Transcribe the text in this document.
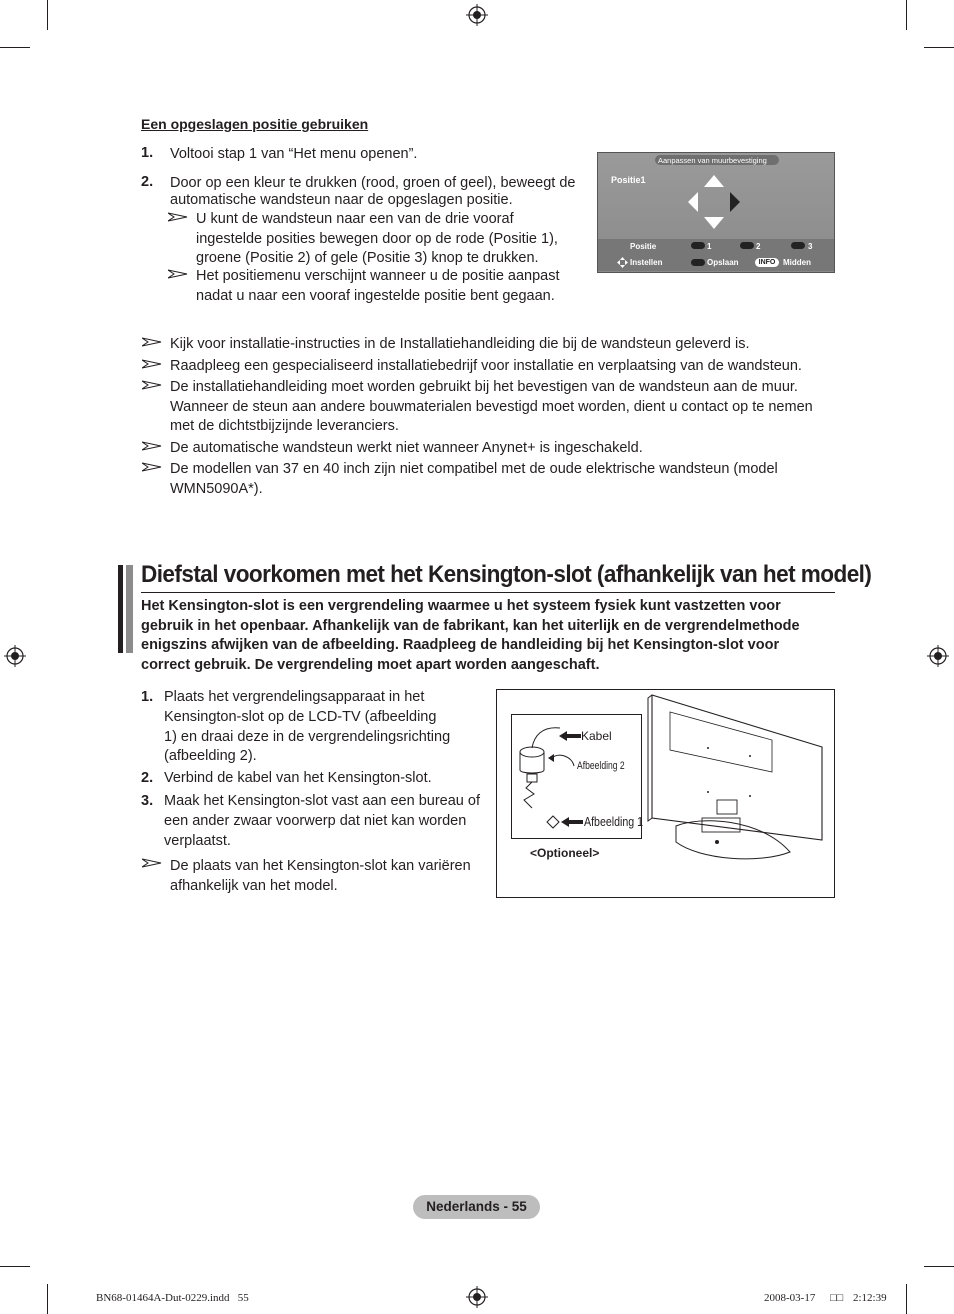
Een opgeslagen positie gebruiken
1. Voltooi stap 1 van “Het menu openen”.
2. Door op een kleur te drukken (rood, groen of geel), beweegt de
automatische wandsteun naar de opgeslagen positie.
U kunt de wandsteun naar een van de drie vooraf
ingestelde posities bewegen door op de rode (Positie 1),
groene (Positie 2) of gele (Positie 3) knop te drukken.
Het positiemenu verschijnt wanneer u de positie aanpast
nadat u naar een vooraf ingestelde positie bent gegaan.
Aanpassen van muurbevestiging
Positie1
Positie	1	2	3
Instellen	Opslaan	INFO Midden
Kijk voor installatie-instructies in de Installatiehandleiding die bij de wandsteun geleverd is.
Raadpleeg een gespecialiseerd installatiebedrijf voor installatie en verplaatsing van de wandsteun.
De installatiehandleiding moet worden gebruikt bij het bevestigen van de wandsteun aan de muur.
Wanneer de steun aan andere bouwmaterialen bevestigd moet worden, dient u contact op te nemen
met de dichtstbijzijnde leveranciers.
De automatische wandsteun werkt niet wanneer Anynet+ is ingeschakeld.
De modellen van 37 en 40 inch zijn niet compatibel met de oude elektrische wandsteun (model
WMN5090A*).
Diefstal voorkomen met het Kensington-slot (afhankelijk van het model)
Het Kensington-slot is een vergrendeling waarmee u het systeem fysiek kunt vastzetten voor
gebruik in het openbaar. Afhankelijk van de fabrikant, kan het uiterlijk en de vergrendelmethode
enigszins afwijken van de afbeelding. Raadpleeg de handleiding bij het Kensington-slot voor
correct gebruik. De vergrendeling moet apart worden aangeschaft.
1. Plaats het vergrendelingsapparaat in het
Kensington-slot op de LCD-TV (afbeelding
1) en draai deze in de vergrendelingsrichting
(afbeelding 2).
2. Verbind de kabel van het Kensington-slot.
3. Maak het Kensington-slot vast aan een bureau of
een ander zwaar voorwerp dat niet kan worden
verplaatst.
De plaats van het Kensington-slot kan variëren
afhankelijk van het model.
Kabel
Afbeelding 2
Afbeelding 1
<Optioneel>
Nederlands - 55
BN68-01464A-Dut-0229.indd   55	2008-03-17 □□ 2:12:39
